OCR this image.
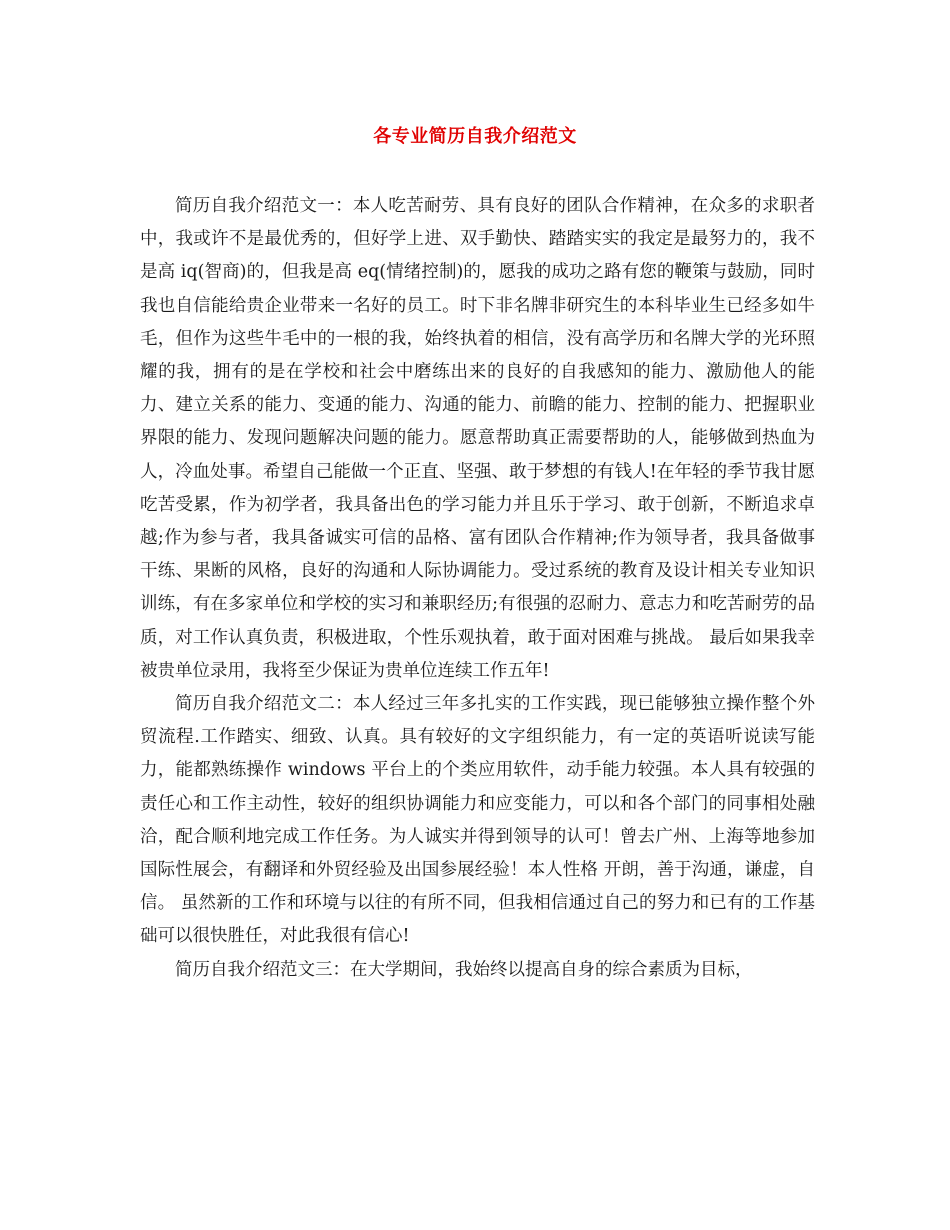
各专业简历自我介绍范文

简历自我介绍范文一：本人吃苦耐劳、具有良好的团队合作精神，在众多的求职者中，我或许不是最优秀的，但好学上进、双手勤快、踏踏实实的我定是最努力的，我不是高 iq(智商)的，但我是高 eq(情绪控制)的，愿我的成功之路有您的鞭策与鼓励，同时我也自信能给贵企业带来一名好的员工。时下非名牌非研究生的本科毕业生已经多如牛毛，但作为这些牛毛中的一根的我，始终执着的相信，没有高学历和名牌大学的光环照耀的我，拥有的是在学校和社会中磨练出来的良好的自我感知的能力、激励他人的能力、建立关系的能力、变通的能力、沟通的能力、前瞻的能力、控制的能力、把握职业界限的能力、发现问题解决问题的能力。愿意帮助真正需要帮助的人，能够做到热血为人，冷血处事。希望自己能做一个正直、坚强、敢于梦想的有钱人!在年轻的季节我甘愿吃苦受累，作为初学者，我具备出色的学习能力并且乐于学习、敢于创新，不断追求卓越;作为参与者，我具备诚实可信的品格、富有团队合作精神;作为领导者，我具备做事干练、果断的风格，良好的沟通和人际协调能力。受过系统的教育及设计相关专业知识训练，有在多家单位和学校的实习和兼职经历;有很强的忍耐力、意志力和吃苦耐劳的品质，对工作认真负责，积极进取，个性乐观执着，敢于面对困难与挑战。 最后如果我幸被贵单位录用，我将至少保证为贵单位连续工作五年!

简历自我介绍范文二：本人经过三年多扎实的工作实践，现已能够独立操作整个外贸流程.工作踏实、细致、认真。具有较好的文字组织能力，有一定的英语听说读写能力，能都熟练操作 windows 平台上的个类应用软件，动手能力较强。本人具有较强的责任心和工作主动性，较好的组织协调能力和应变能力，可以和各个部门的同事相处融洽，配合顺利地完成工作任务。为人诚实并得到领导的认可！曾去广州、上海等地参加国际性展会，有翻译和外贸经验及出国参展经验！本人性格 开朗，善于沟通，谦虚，自信。 虽然新的工作和环境与以往的有所不同，但我相信通过自己的努力和已有的工作基础可以很快胜任，对此我很有信心!

简历自我介绍范文三：在大学期间，我始终以提高自身的综合素质为目标，
